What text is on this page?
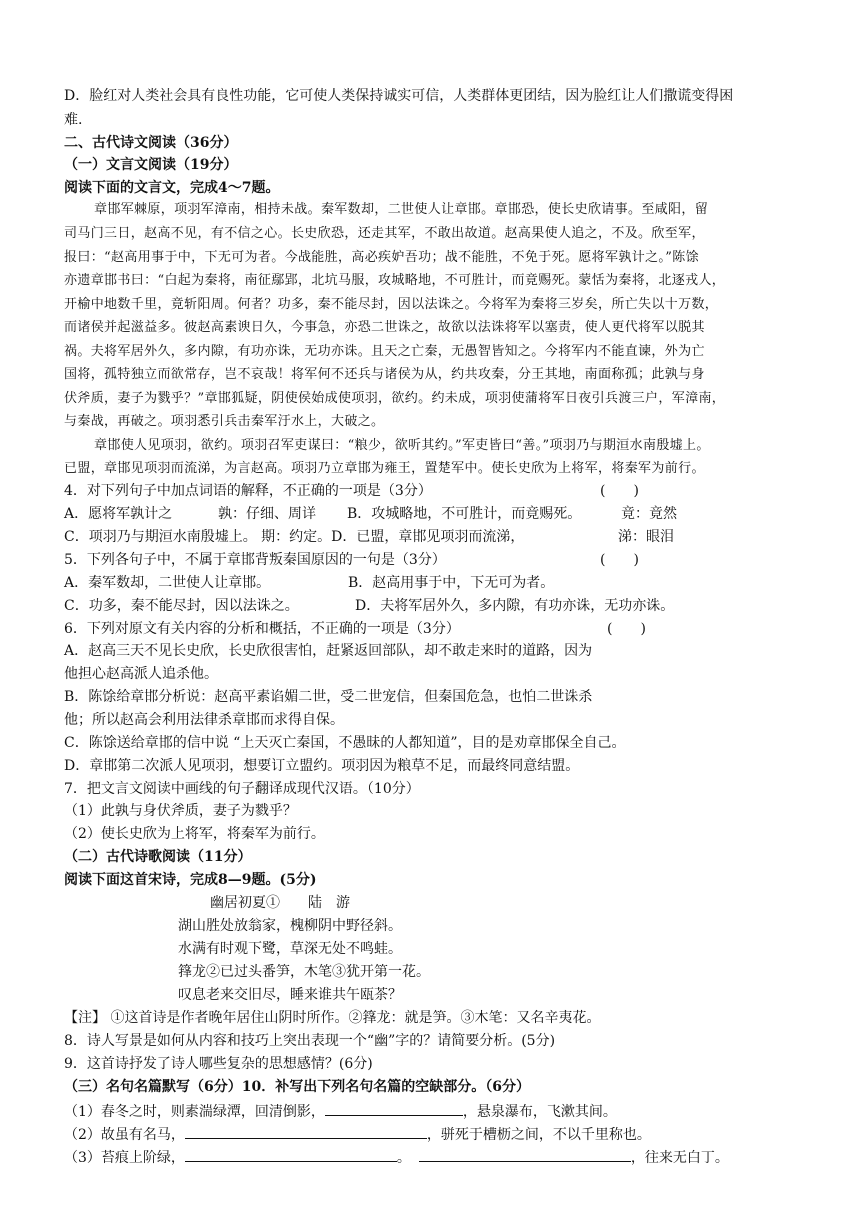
D．脸红对人类社会具有良性功能，它可使人类保持诚实可信，人类群体更团结，因为脸红让人们撒谎变得困
难.
二、古代诗文阅读（36分）
（一）文言文阅读（19分）
阅读下面的文言文，完成4～7题。
章邯军棘原，项羽军漳南，相持未战。秦军数却，二世使人让章邯。章邯恐，使长史欣请事。至咸阳，留
司马门三日，赵高不见，有不信之心。长史欣恐，还走其军，不敢出故道。赵高果使人追之，不及。欣至军，
报曰：“赵高用事于中，下无可为者。今战能胜，高必疾妒吾功；战不能胜，不免于死。愿将军孰计之。”陈馀
亦遗章邯书曰：“白起为秦将，南征鄢郢，北坑马服，攻城略地，不可胜计，而竟赐死。蒙恬为秦将，北逐戎人，
开榆中地数千里，竟斩阳周。何者？功多，秦不能尽封，因以法诛之。今将军为秦将三岁矣，所亡失以十万数，
而诸侯并起滋益多。彼赵高素谀日久，今事急，亦恐二世诛之，故欲以法诛将军以塞责，使人更代将军以脱其
祸。夫将军居外久，多内隙，有功亦诛，无功亦诛。且天之亡秦，无愚智皆知之。今将军内不能直谏，外为亡
国将，孤特独立而欲常存，岂不哀哉！将军何不还兵与诸侯为从，约共攻秦，分王其地，南面称孤；此孰与身
伏斧质，妻子为戮乎？”章邯狐疑，阴使侯始成使项羽，欲约。约未成，项羽使蒲将军日夜引兵渡三户，军漳南，
与秦战，再破之。项羽悉引兵击秦军汙水上，大破之。
章邯使人见项羽，欲约。项羽召军吏谋曰：“粮少，欲听其约。”军吏皆曰“善。”项羽乃与期洹水南殷墟上。
已盟，章邯见项羽而流涕，为言赵高。项羽乃立章邯为雍王，置楚军中。使长史欣为上将军，将秦军为前行。
4．对下列句子中加点词语的解释，不正确的一项是（3分）	(　　)
A．愿将军孰计之	孰：仔细、周详 B．攻城略地，不可胜计，而竟赐死。	竟：竟然
C．项羽乃与期洹水南殷墟上。 期：约定。D．已盟，章邯见项羽而流涕，	涕：眼泪
5．下列各句子中，不属于章邯背叛秦国原因的一句是（3分）	(　　)
A．秦军数却，二世使人让章邯。	B．赵高用事于中，下无可为者。
C．功多，秦不能尽封，因以法诛之。	D．夫将军居外久，多内隙，有功亦诛，无功亦诛。
6．下列对原文有关内容的分析和概括，不正确的一项是（3分）	(　　)
A．赵高三天不见长史欣，长史欣很害怕，赶紧返回部队，却不敢走来时的道路，因为
他担心赵高派人追杀他。
B．陈馀给章邯分析说：赵高平素谄媚二世，受二世宠信，但秦国危急，也怕二世诛杀
他；所以赵高会利用法律杀章邯而求得自保。
C．陈馀送给章邯的信中说 “上天灭亡秦国，不愚昧的人都知道”，目的是劝章邯保全自己。
D．章邯第二次派人见项羽，想要订立盟约。项羽因为粮草不足，而最终同意结盟。
7．把文言文阅读中画线的句子翻译成现代汉语。（10分）
（1）此孰与身伏斧质，妻子为戮乎？
（2）使长史欣为上将军，将秦军为前行。
（二）古代诗歌阅读（11分）
阅读下面这首宋诗，完成8—9题。(5分)
幽居初夏①　　陆　游
湖山胜处放翁家，槐柳阴中野径斜。
水满有时观下鹭，草深无处不鸣蛙。
箨龙②已过头番笋，木笔③犹开第一花。
叹息老来交旧尽，睡来谁共午瓯茶？
【注】 ①这首诗是作者晚年居住山阴时所作。②箨龙：就是笋。③木笔：又名辛夷花。
8．诗人写景是如何从内容和技巧上突出表现一个“幽”字的？请简要分析。(5分)
9．这首诗抒发了诗人哪些复杂的思想感情？(6分)
（三）名句名篇默写（6分）10．补写出下列名句名篇的空缺部分。（6分）
（1）春冬之时，则素湍绿潭，回清倒影，	，悬泉瀑布，飞漱其间。
（2）故虽有名马，	，骈死于槽枥之间，不以千里称也。
（3）苔痕上阶绿，	。	，往来无白丁。
